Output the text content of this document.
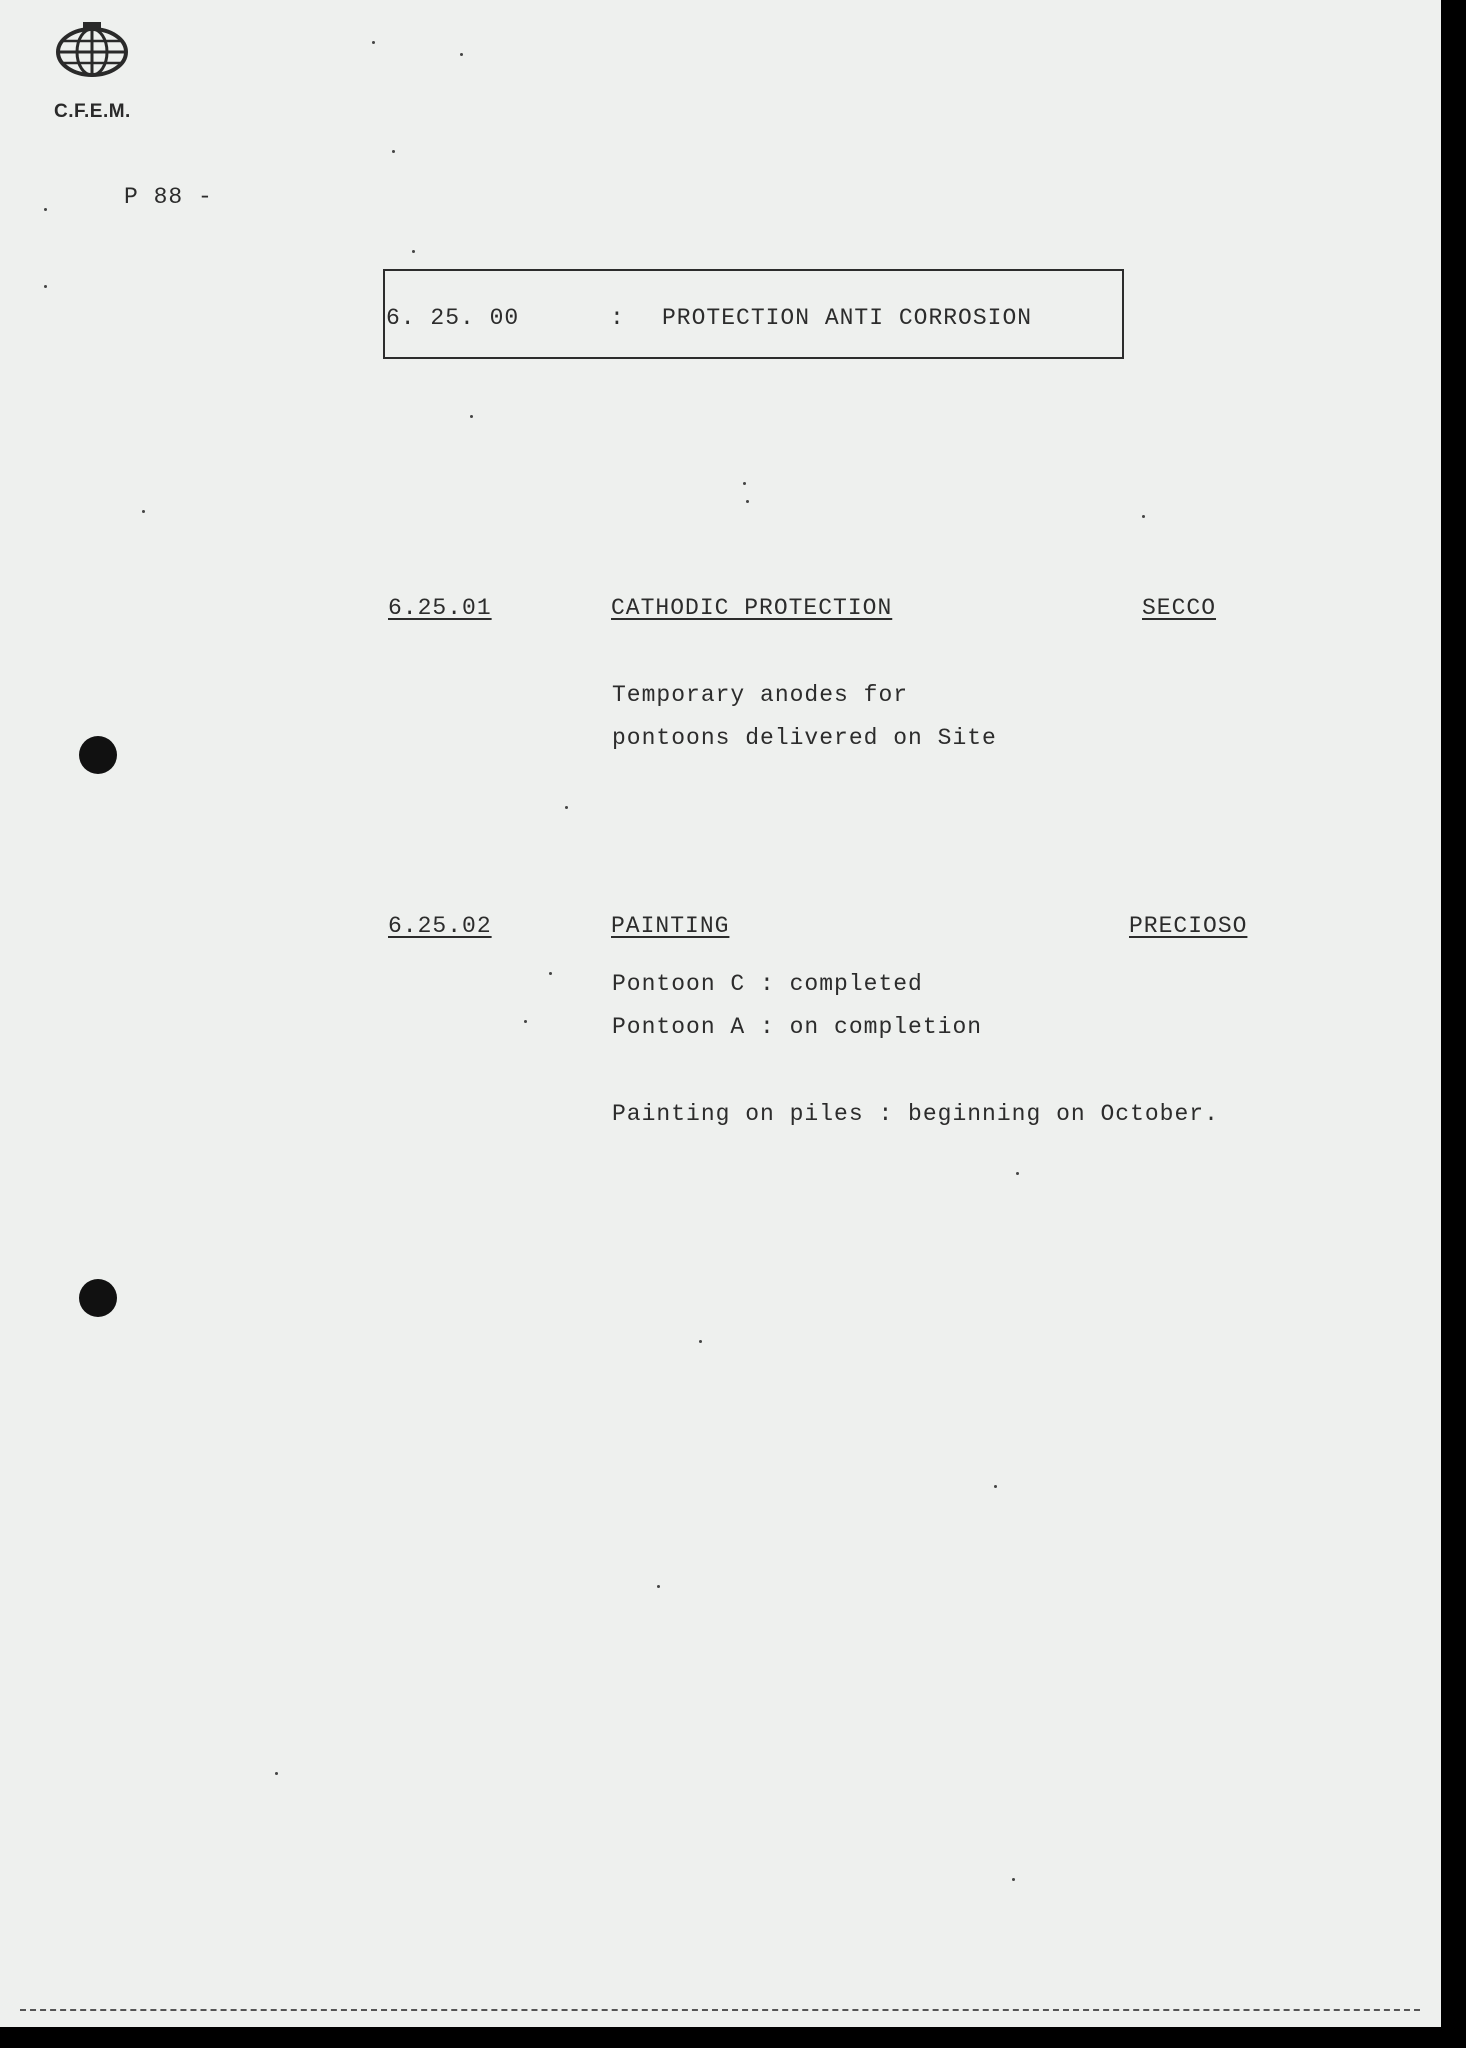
C.F.E.M.
P 88 -
6. 25. 00	: PROTECTION ANTI CORROSION
6.25.01	CATHODIC PROTECTION	SECCO
Temporary anodes for
pontoons delivered on Site
6.25.02	PAINTING	PRECIOSO
Pontoon C : completed
Pontoon A : on completion
Painting on piles : beginning on October.
